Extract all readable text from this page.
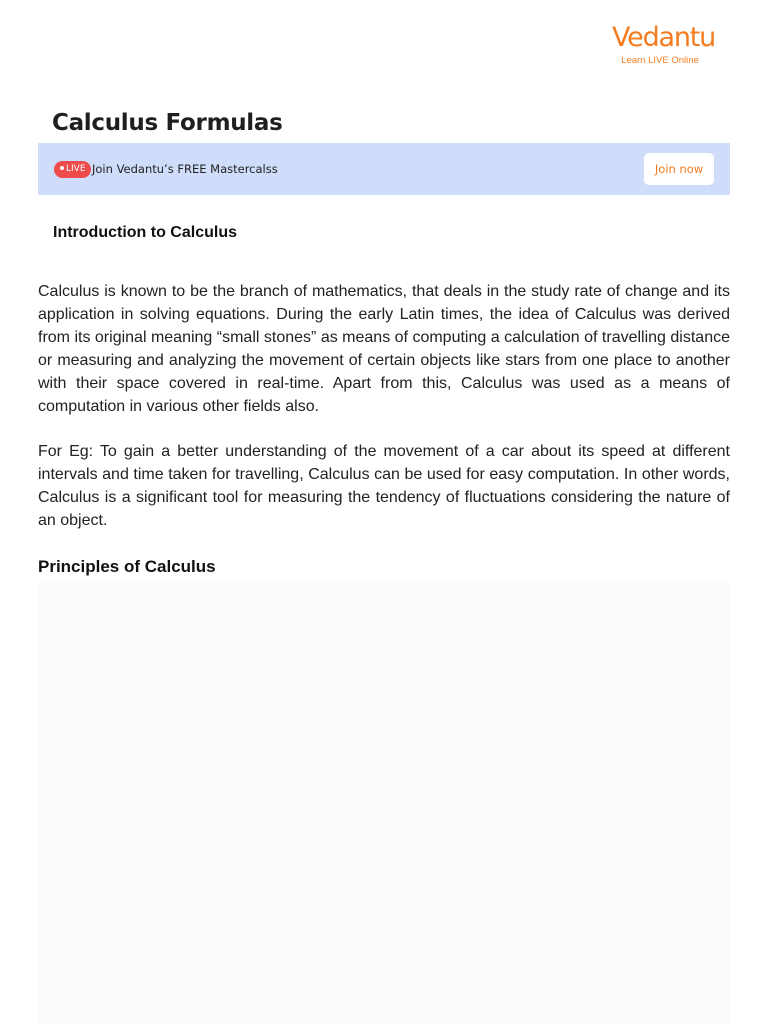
Vedantu
Learn LIVE Online
Calculus Formulas
LIVE Join Vedantu’s FREE Mastercalss	Join now
Introduction to Calculus

Calculus is known to be the branch of mathematics, that deals in the study rate of change and its application in solving equations. During the early Latin times, the idea of Calculus was derived from its original meaning “small stones” as means of computing a calculation of travelling distance or measuring and analyzing the movement of certain objects like stars from one place to another with their space covered in real-time. Apart from this, Calculus was used as a means of computation in various other fields also.

For Eg: To gain a better understanding of the movement of a car about its speed at different intervals and time taken for travelling, Calculus can be used for easy computation. In other words, Calculus is a significant tool for measuring the tendency of fluctuations considering the nature of an object.

Principles of Calculus
